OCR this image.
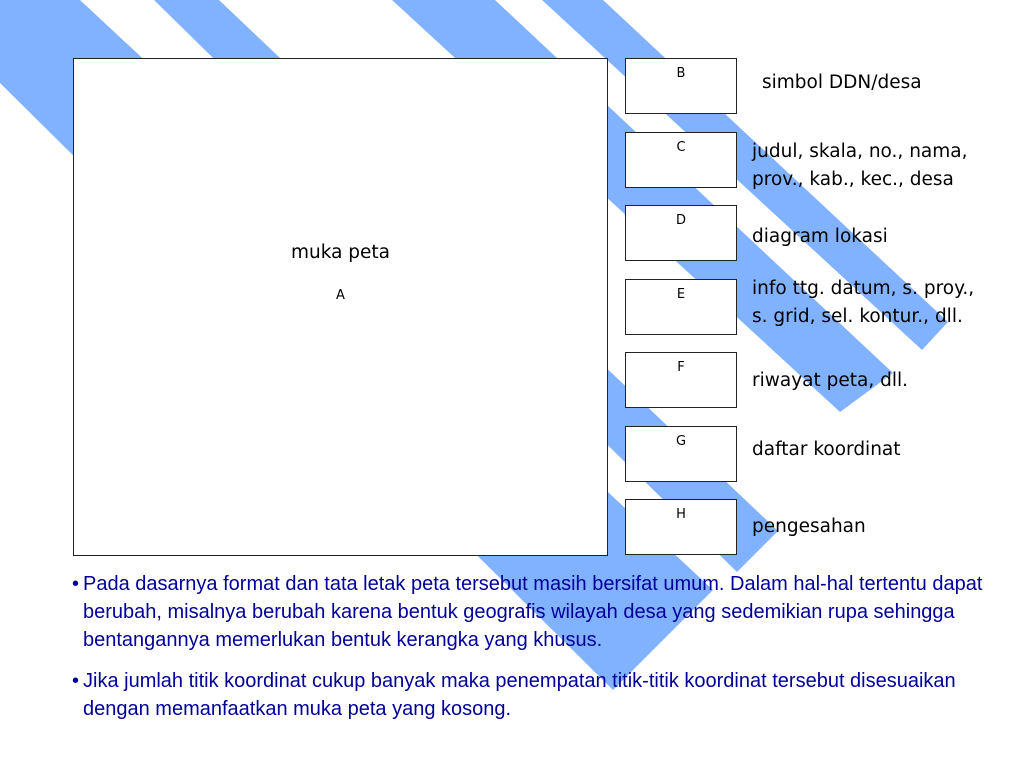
muka peta
A
B
C
D
E
F
G
H
simbol DDN/desa
judul, skala, no., nama,
prov., kab., kec., desa
diagram lokasi
info ttg. datum, s. proy.,
s. grid, sel. kontur., dll.
riwayat peta, dll.
daftar koordinat
pengesahan
• Pada dasarnya format dan tata letak peta tersebut masih bersifat umum. Dalam hal-hal tertentu dapat berubah, misalnya berubah karena bentuk geografis wilayah desa yang sedemikian rupa sehingga bentangannya memerlukan bentuk kerangka yang khusus.
• Jika jumlah titik koordinat cukup banyak maka penempatan titik-titik koordinat tersebut disesuaikan dengan memanfaatkan muka peta yang kosong.
